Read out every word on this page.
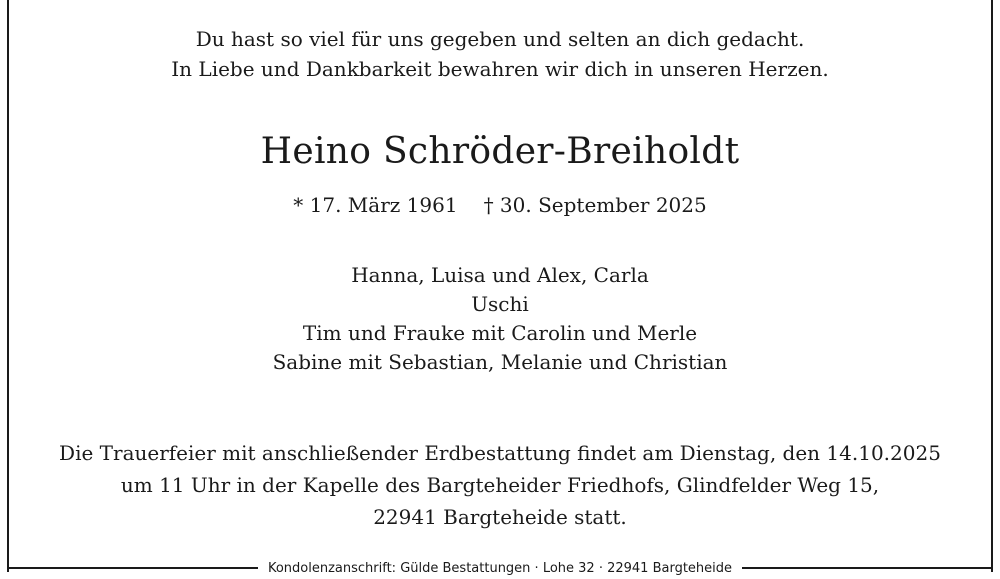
Du hast so viel für uns gegeben und selten an dich gedacht.
In Liebe und Dankbarkeit bewahren wir dich in unseren Herzen.
Heino Schröder-Breiholdt
* 17. März 1961 † 30. September 2025
Hanna, Luisa und Alex, Carla
Uschi
Tim und Frauke mit Carolin und Merle
Sabine mit Sebastian, Melanie und Christian
Die Trauerfeier mit anschließender Erdbestattung findet am Dienstag, den 14.10.2025
um 11 Uhr in der Kapelle des Bargteheider Friedhofs, Glindfelder Weg 15,
22941 Bargteheide statt.
Kondolenzanschrift: Gülde Bestattungen · Lohe 32 · 22941 Bargteheide
